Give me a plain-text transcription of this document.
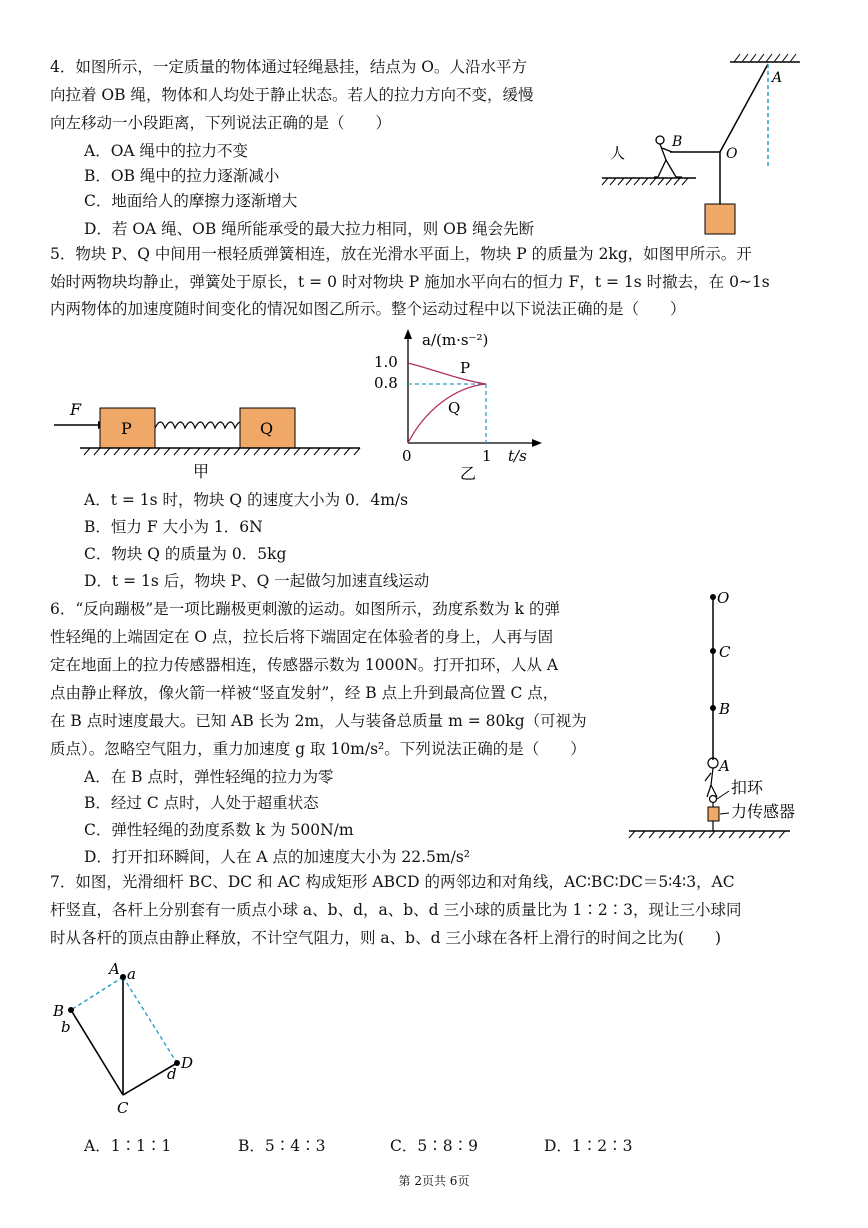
4．如图所示，一定质量的物体通过轻绳悬挂，结点为 O。人沿水平方
向拉着 OB 绳，物体和人均处于静止状态。若人的拉力方向不变，缓慢
向左移动一小段距离，下列说法正确的是（　　）
A．OA 绳中的拉力不变
B．OB 绳中的拉力逐渐减小
C．地面给人的摩擦力逐渐增大
D．若 OA 绳、OB 绳所能承受的最大拉力相同，则 OB 绳会先断
人
B
O
A
5．物块 P、Q 中间用一根轻质弹簧相连，放在光滑水平面上，物块 P 的质量为 2kg，如图甲所示。开
始时两物块均静止，弹簧处于原长，t = 0 时对物块 P 施加水平向右的恒力 F，t = 1s 时撤去，在 0~1s
内两物体的加速度随时间变化的情况如图乙所示。整个运动过程中以下说法正确的是（　　）
F
P	Q
甲
a/(m·s⁻²)
t/s
1.0
0.8
0	1
P
Q
乙
A．t = 1s 时，物块 Q 的速度大小为 0．4m/s
B．恒力 F 大小为 1．6N
C．物块 Q 的质量为 0．5kg
D．t = 1s 后，物块 P、Q 一起做匀加速直线运动
6．“反向蹦极”是一项比蹦极更刺激的运动。如图所示，劲度系数为 k 的弹
性轻绳的上端固定在 O 点，拉长后将下端固定在体验者的身上，人再与固
定在地面上的拉力传感器相连，传感器示数为 1000N。打开扣环，人从 A
点由静止释放，像火箭一样被“竖直发射”，经 B 点上升到最高位置 C 点，
在 B 点时速度最大。已知 AB 长为 2m，人与装备总质量 m = 80kg（可视为
质点）。忽略空气阻力，重力加速度 g 取 10m/s²。下列说法正确的是（　　）
A．在 B 点时，弹性轻绳的拉力为零
B．经过 C 点时，人处于超重状态
C．弹性轻绳的劲度系数 k 为 500N/m
D．打开扣环瞬间，人在 A 点的加速度大小为 22.5m/s²
O
C
B
A
扣环
力传感器
7．如图，光滑细杆 BC、DC 和 AC 构成矩形 ABCD 的两邻边和对角线，AC∶BC∶DC＝5∶4∶3，AC
杆竖直，各杆上分别套有一质点小球 a、b、d，a、b、d 三小球的质量比为 1∶2∶3，现让三小球同
时从各杆的顶点由静止释放，不计空气阻力，则 a、b、d 三小球在各杆上滑行的时间之比为(　　)
A a
B
b
C
D
d
A．1∶1∶1	B．5∶4∶3	C．5∶8∶9	D．1∶2∶3
第 2页共 6页
